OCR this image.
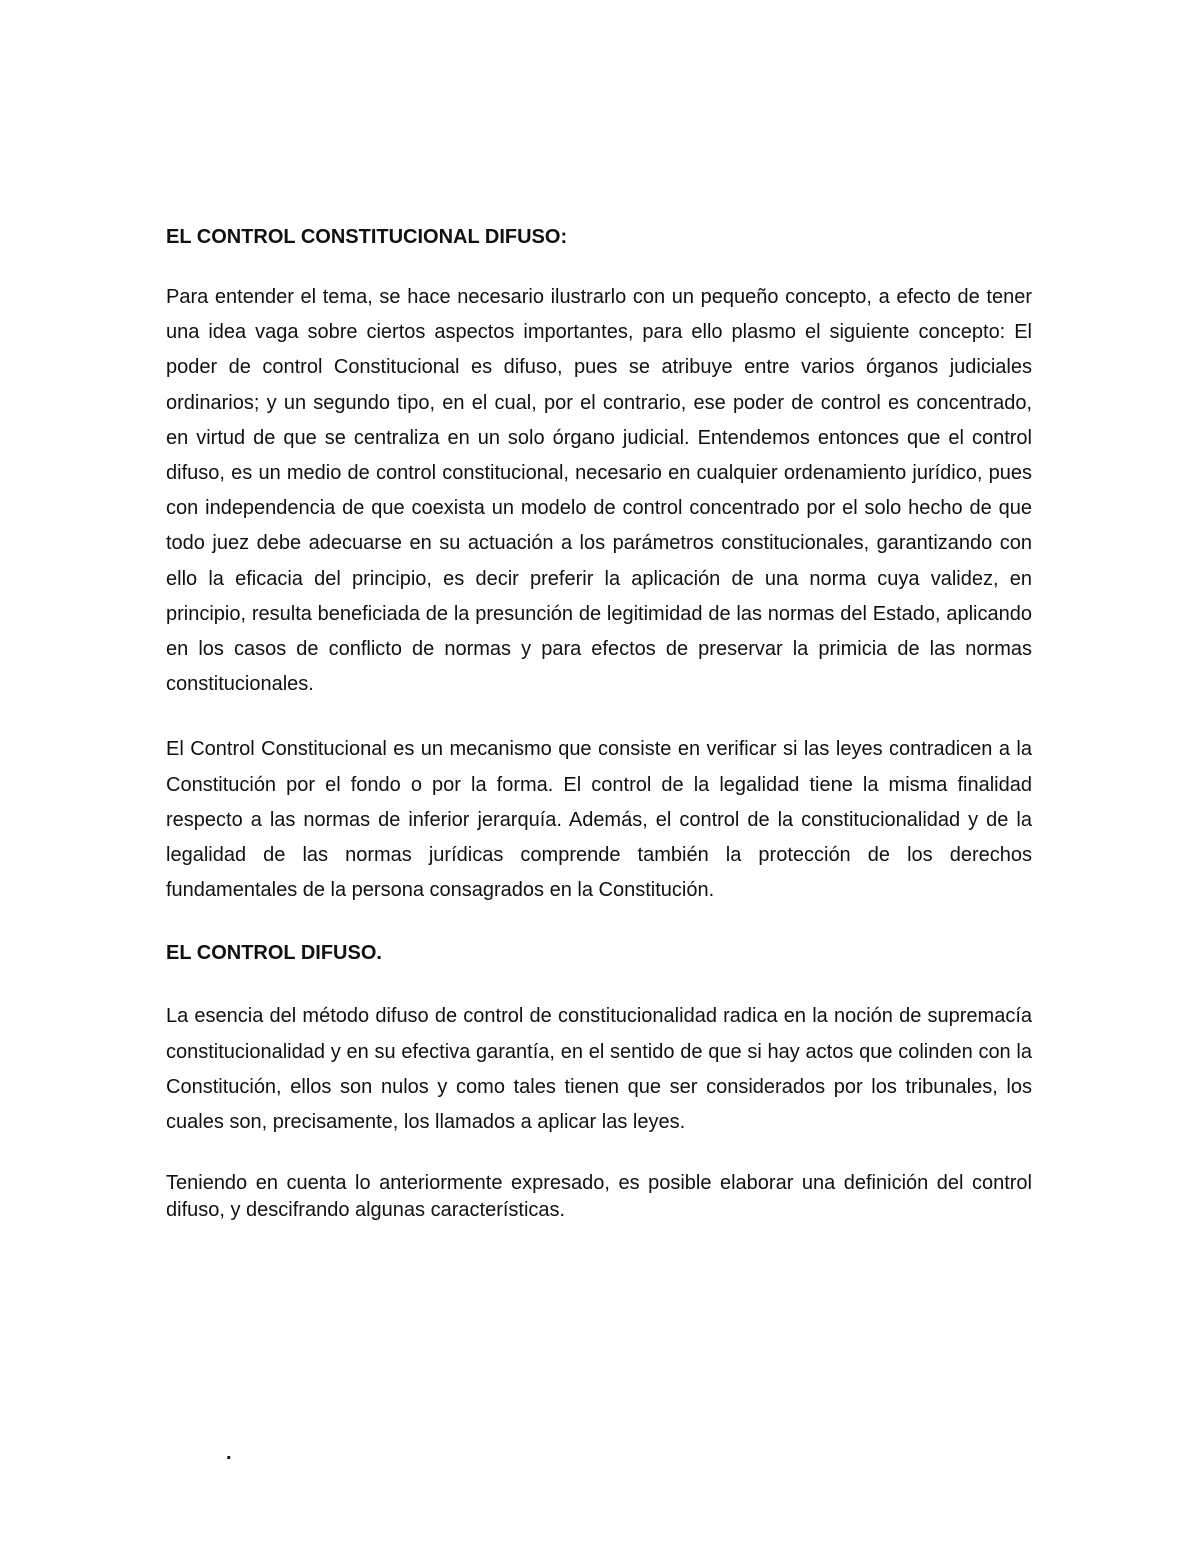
EL CONTROL CONSTITUCIONAL DIFUSO:

Para entender el tema, se hace necesario ilustrarlo con un pequeño concepto, a efecto de tener una idea vaga sobre ciertos aspectos importantes, para ello plasmo el siguiente concepto: El poder de control Constitucional es difuso, pues se atribuye entre varios órganos judiciales ordinarios; y un segundo tipo, en el cual, por el contrario, ese poder de control es concentrado, en virtud de que se centraliza en un solo órgano judicial. Entendemos entonces que el control difuso, es un medio de control constitucional, necesario en cualquier ordenamiento jurídico, pues con independencia de que coexista un modelo de control concentrado por el solo hecho de que todo juez debe adecuarse en su actuación a los parámetros constitucionales, garantizando con ello la eficacia del principio, es decir preferir la aplicación de una norma cuya validez, en principio, resulta beneficiada de la presunción de legitimidad de las normas del Estado, aplicando en los casos de conflicto de normas y para efectos de preservar la primicia de las normas constitucionales.

El Control Constitucional es un mecanismo que consiste en verificar si las leyes contradicen a la Constitución por el fondo o por la forma. El control de la legalidad tiene la misma finalidad respecto a las normas de inferior jerarquía. Además, el control de la constitucionalidad y de la legalidad de las normas jurídicas comprende también la protección de los derechos fundamentales de la persona consagrados en la Constitución.

EL CONTROL DIFUSO.

La esencia del método difuso de control de constitucionalidad radica en la noción de supremacía constitucionalidad y en su efectiva garantía, en el sentido de que si hay actos que colinden con la Constitución, ellos son nulos y como tales tienen que ser considerados por los tribunales, los cuales son, precisamente, los llamados a aplicar las leyes.

Teniendo en cuenta lo anteriormente expresado, es posible elaborar una definición del control difuso, y descifrando algunas características.

.
